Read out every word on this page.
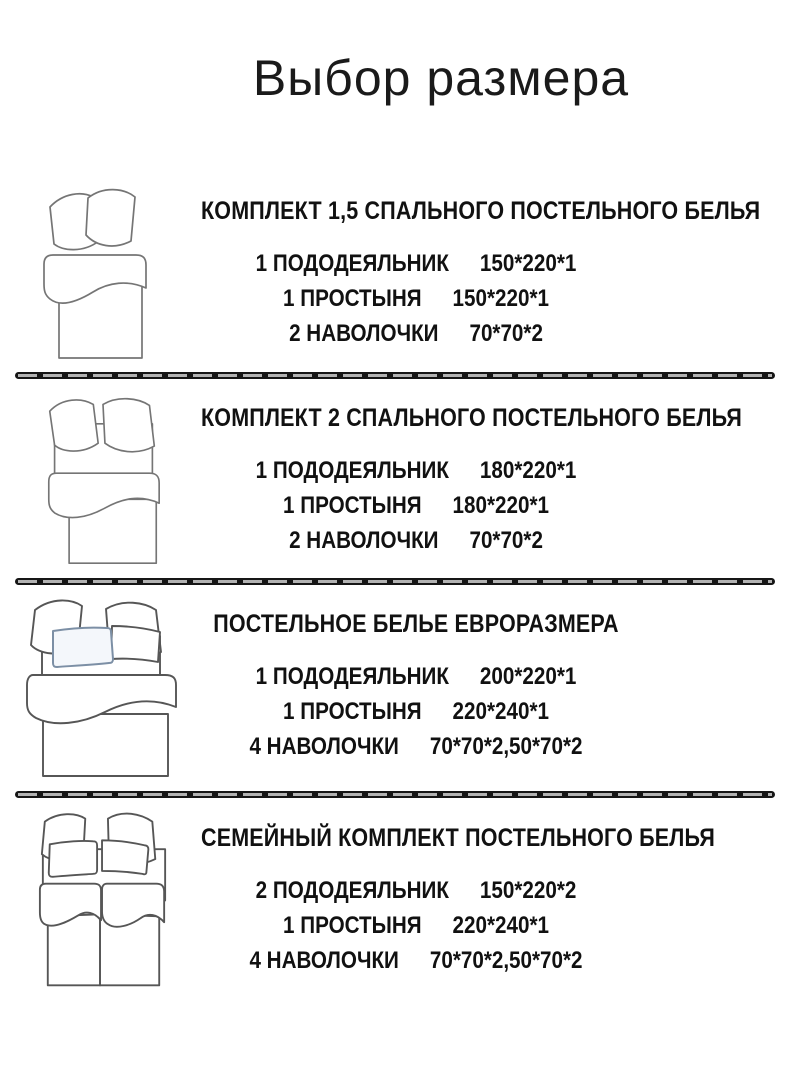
Выбор размера
КОМПЛЕКТ 1,5 СПАЛЬНОГО ПОСТЕЛЬНОГО БЕЛЬЯ
1 ПОДОДЕЯЛЬНИК 150*220*1
1 ПРОСТЫНЯ 150*220*1
2 НАВОЛОЧКИ 70*70*2
КОМПЛЕКТ 2 СПАЛЬНОГО ПОСТЕЛЬНОГО БЕЛЬЯ
1 ПОДОДЕЯЛЬНИК 180*220*1
1 ПРОСТЫНЯ 180*220*1
2 НАВОЛОЧКИ 70*70*2
ПОСТЕЛЬНОЕ БЕЛЬЕ ЕВРОРАЗМЕРА
1 ПОДОДЕЯЛЬНИК 200*220*1
1 ПРОСТЫНЯ 220*240*1
4 НАВОЛОЧКИ 70*70*2,50*70*2
СЕМЕЙНЫЙ КОМПЛЕКТ ПОСТЕЛЬНОГО БЕЛЬЯ
2 ПОДОДЕЯЛЬНИК 150*220*2
1 ПРОСТЫНЯ 220*240*1
4 НАВОЛОЧКИ 70*70*2,50*70*2
